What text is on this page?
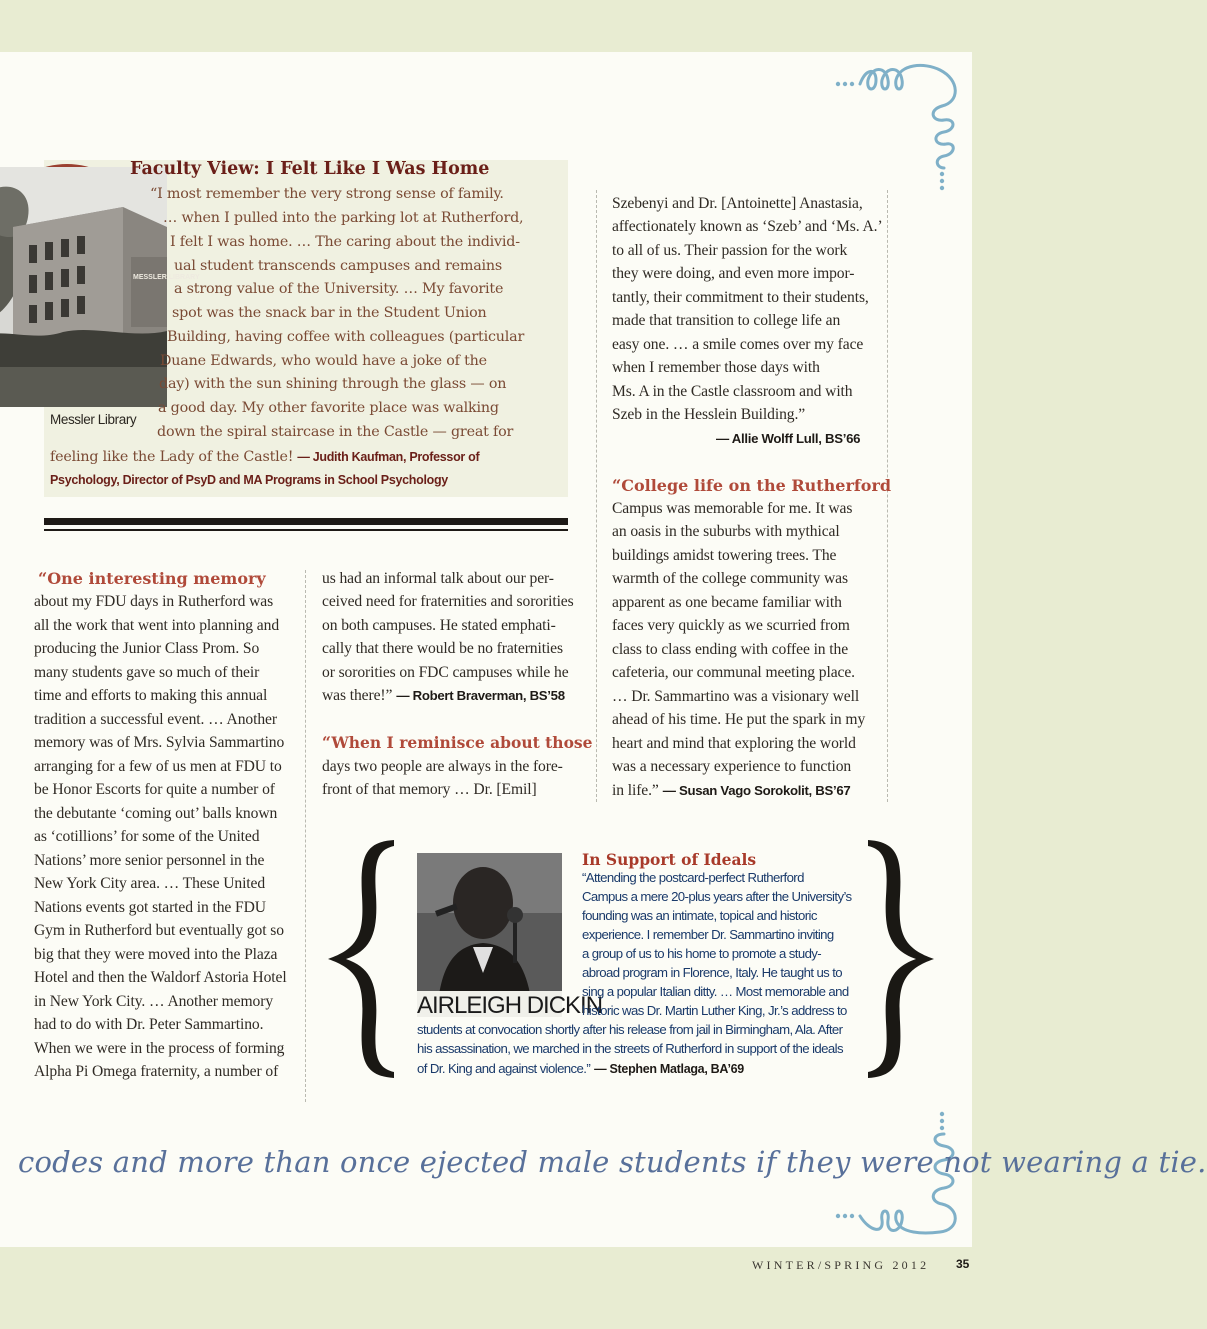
MESSLER LIBRARY
Messler Library
Faculty View: I Felt Like I Was Home
“I most remember the very strong sense of family.
… when I pulled into the parking lot at Rutherford,
I felt I was home. … The caring about the individ-
ual student transcends campuses and remains
a strong value of the University. … My favorite
spot was the snack bar in the Student Union
Building, having coffee with colleagues (particular
Duane Edwards, who would have a joke of the
day) with the sun shining through the glass — on
a good day. My other favorite place was walking
down the spiral staircase in the Castle — great for
feeling like the Lady of the Castle! — Judith Kaufman, Professor of
Psychology, Director of PsyD and MA Programs in School Psychology
Szebenyi and Dr. [Antoinette] Anastasia,
affectionately known as ‘Szeb’ and ‘Ms. A.’
to all of us. Their passion for the work
they were doing, and even more impor-
tantly, their commitment to their students,
made that transition to college life an
easy one. … a smile comes over my face
when I remember those days with
Ms. A in the Castle classroom and with
Szeb in the Hesslein Building.”
— Allie Wolff Lull, BS’66
“College life on the Rutherford
Campus was memorable for me. It was
an oasis in the suburbs with mythical
buildings amidst towering trees. The
warmth of the college community was
apparent as one became familiar with
faces very quickly as we scurried from
class to class ending with coffee in the
cafeteria, our communal meeting place.
… Dr. Sammartino was a visionary well
ahead of his time. He put the spark in my
heart and mind that exploring the world
was a necessary experience to function
in life.” — Susan Vago Sorokolit, BS’67
“One interesting memory
about my FDU days in Rutherford was
all the work that went into planning and
producing the Junior Class Prom. So
many students gave so much of their
time and efforts to making this annual
tradition a successful event. … Another
memory was of Mrs. Sylvia Sammartino
arranging for a few of us men at FDU to
be Honor Escorts for quite a number of
the debutante ‘coming out’ balls known
as ‘cotillions’ for some of the United
Nations’ more senior personnel in the
New York City area. … These United
Nations events got started in the FDU
Gym in Rutherford but eventually got so
big that they were moved into the Plaza
Hotel and then the Waldorf Astoria Hotel
in New York City. … Another memory
had to do with Dr. Peter Sammartino.
When we were in the process of forming
Alpha Pi Omega fraternity, a number of
us had an informal talk about our per-
ceived need for fraternities and sororities
on both campuses. He stated emphati-
cally that there would be no fraternities
or sororities on FDC campuses while he
was there!” — Robert Braverman, BS’58
“When I reminisce about those
days two people are always in the fore-
front of that memory … Dr. [Emil]
AIRLEIGH DICKIN
In Support of Ideals
“Attending the postcard-perfect Rutherford
Campus a mere 20-plus years after the University’s
founding was an intimate, topical and historic
experience. I remember Dr. Sammartino inviting
a group of us to his home to promote a study-
abroad program in Florence, Italy. He taught us to
sing a popular Italian ditty. … Most memorable and
historic was Dr. Martin Luther King, Jr.’s address to
students at convocation shortly after his release from jail in Birmingham, Ala. After
his assassination, we marched in the streets of Rutherford in support of the ideals
of Dr. King and against violence.” — Stephen Matlaga, BA’69
codes and more than once ejected male students if they were not wearing a tie.
WINTER/SPRING 2012 35
